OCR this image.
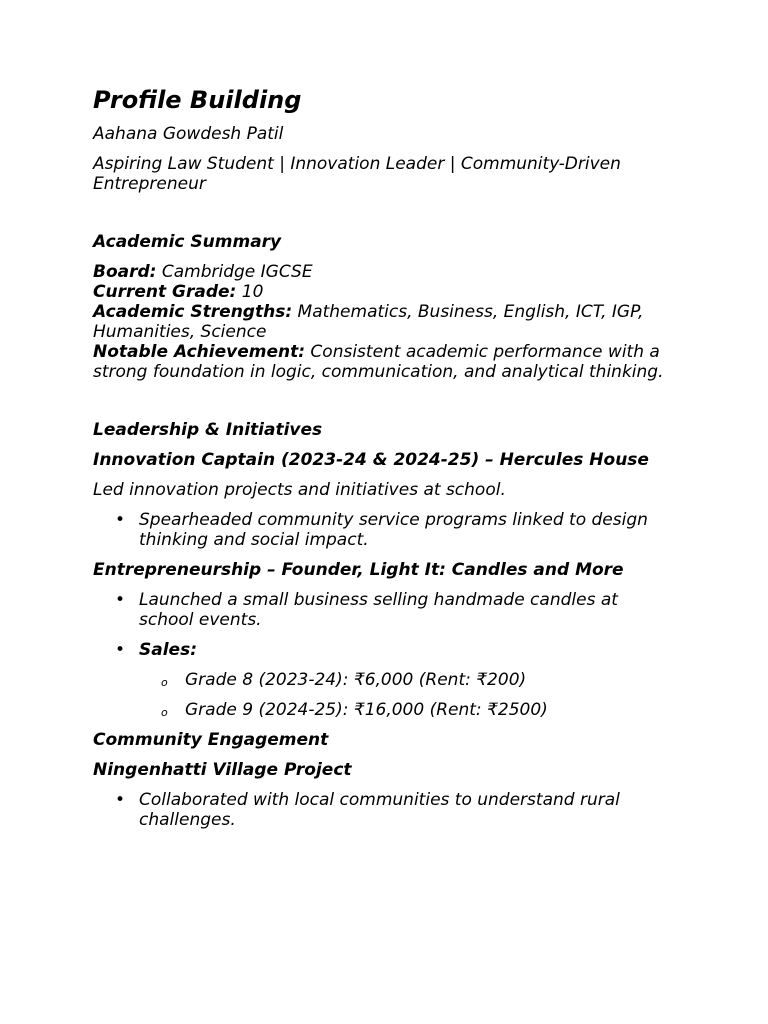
Profile Building
Aahana Gowdesh Patil
Aspiring Law Student | Innovation Leader | Community-Driven Entrepreneur
Academic Summary
Board: Cambridge IGCSE
Current Grade: 10
Academic Strengths: Mathematics, Business, English, ICT, IGP, Humanities, Science
Notable Achievement: Consistent academic performance with a strong foundation in logic, communication, and analytical thinking.
Leadership & Initiatives
Innovation Captain (2023-24 & 2024-25) – Hercules House
Led innovation projects and initiatives at school.
• Spearheaded community service programs linked to design thinking and social impact.
Entrepreneurship – Founder, Light It: Candles and More
• Launched a small business selling handmade candles at school events.
• Sales:
o Grade 8 (2023-24): ₹6,000 (Rent: ₹200)
o Grade 9 (2024-25): ₹16,000 (Rent: ₹2500)
Community Engagement
Ningenhatti Village Project
• Collaborated with local communities to understand rural challenges.
